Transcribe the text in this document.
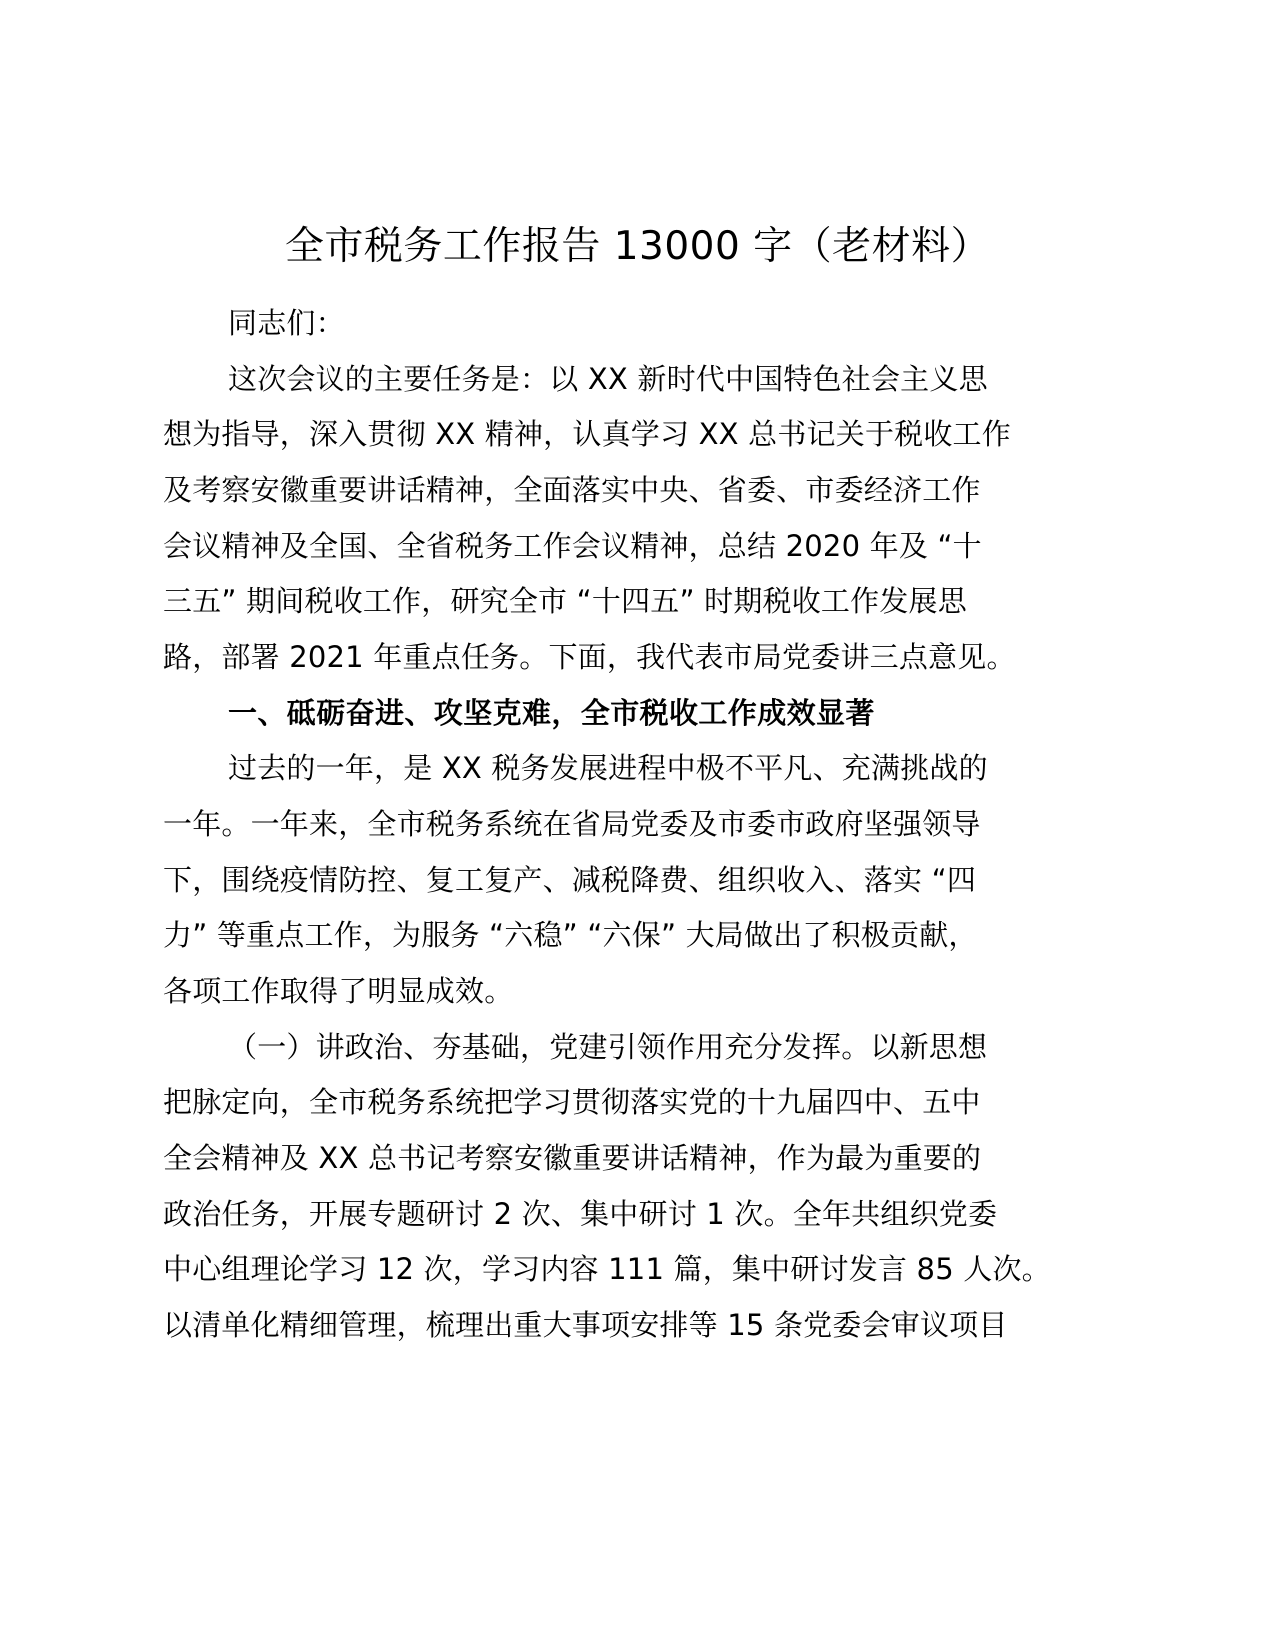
全市税务工作报告 13000 字（老材料）
同志们：
这次会议的主要任务是：以 XX 新时代中国特色社会主义思
想为指导，深入贯彻 XX 精神，认真学习 XX 总书记关于税收工作
及考察安徽重要讲话精神，全面落实中央、省委、市委经济工作
会议精神及全国、全省税务工作会议精神，总结 2020 年及 “十
三五” 期间税收工作，研究全市 “十四五” 时期税收工作发展思
路，部署 2021 年重点任务。下面，我代表市局党委讲三点意见。
一、砥砺奋进、攻坚克难，全市税收工作成效显著
过去的一年，是 XX 税务发展进程中极不平凡、充满挑战的
一年。一年来，全市税务系统在省局党委及市委市政府坚强领导
下，围绕疫情防控、复工复产、减税降费、组织收入、落实 “四
力” 等重点工作，为服务 “六稳” “六保” 大局做出了积极贡献，
各项工作取得了明显成效。
（一）讲政治、夯基础，党建引领作用充分发挥。以新思想
把脉定向，全市税务系统把学习贯彻落实党的十九届四中、五中
全会精神及 XX 总书记考察安徽重要讲话精神，作为最为重要的
政治任务，开展专题研讨 2 次、集中研讨 1 次。全年共组织党委
中心组理论学习 12 次，学习内容 111 篇，集中研讨发言 85 人次。
以清单化精细管理，梳理出重大事项安排等 15 条党委会审议项目
